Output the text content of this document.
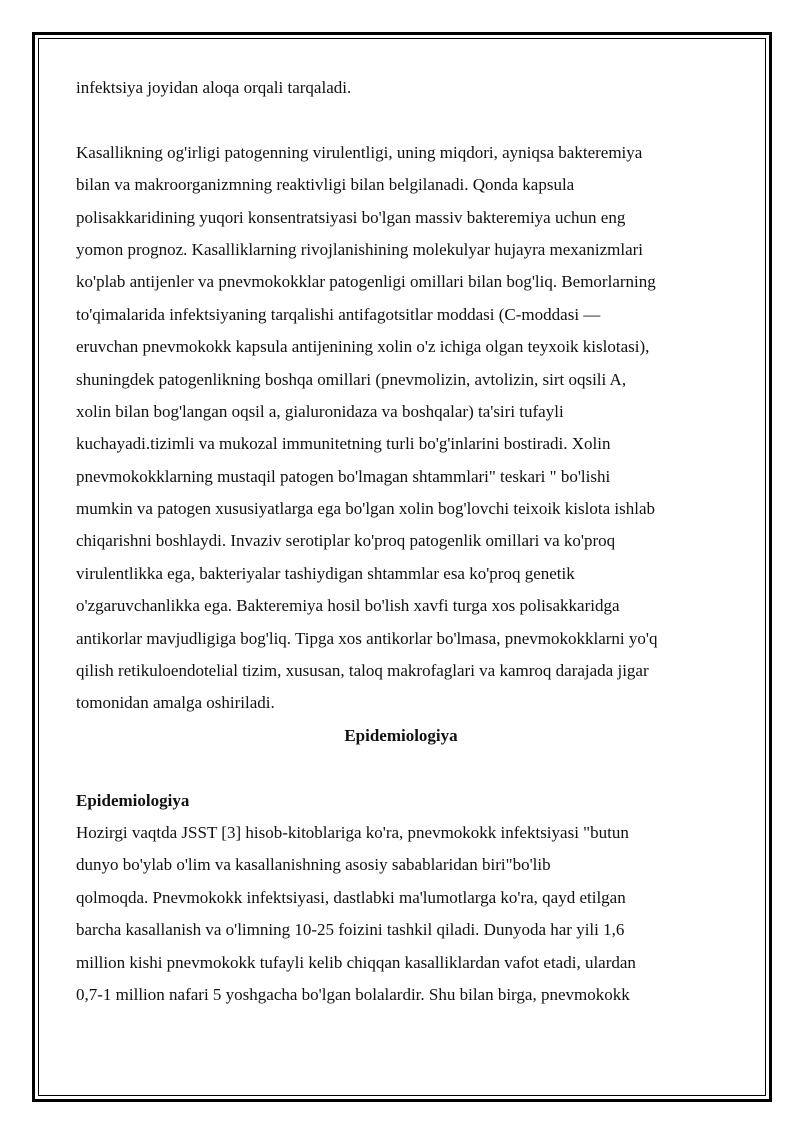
infektsiya joyidan aloqa orqali tarqaladi.
Kasallikning og'irligi patogenning virulentligi, uning miqdori, ayniqsa bakteremiya
bilan va makroorganizmning reaktivligi bilan belgilanadi. Qonda kapsula
polisakkaridining yuqori konsentratsiyasi bo'lgan massiv bakteremiya uchun eng
yomon prognoz. Kasalliklarning rivojlanishining molekulyar hujayra mexanizmlari
ko'plab antijenler va pnevmokokklar patogenligi omillari bilan bog'liq. Bemorlarning
to'qimalarida infektsiyaning tarqalishi antifagotsitlar moddasi (C-moddasi —
eruvchan pnevmokokk kapsula antijenining xolin o'z ichiga olgan teyxoik kislotasi),
shuningdek patogenlikning boshqa omillari (pnevmolizin, avtolizin, sirt oqsili A,
xolin bilan bog'langan oqsil a, gialuronidaza va boshqalar) ta'siri tufayli
kuchayadi.tizimli va mukozal immunitetning turli bo'g'inlarini bostiradi. Xolin
pnevmokokklarning mustaqil patogen bo'lmagan shtammlari" teskari " bo'lishi
mumkin va patogen xususiyatlarga ega bo'lgan xolin bog'lovchi teixoik kislota ishlab
chiqarishni boshlaydi. Invaziv serotiplar ko'proq patogenlik omillari va ko'proq
virulentlikka ega, bakteriyalar tashiydigan shtammlar esa ko'proq genetik
o'zgaruvchanlikka ega. Bakteremiya hosil bo'lish xavfi turga xos polisakkaridga
antikorlar mavjudligiga bog'liq. Tipga xos antikorlar bo'lmasa, pnevmokokklarni yo'q
qilish retikuloendotelial tizim, xususan, taloq makrofaglari va kamroq darajada jigar
tomonidan amalga oshiriladi.
Epidemiologiya
Epidemiologiya
Hozirgi vaqtda JSST [3] hisob-kitoblariga ko'ra, pnevmokokk infektsiyasi "butun
dunyo bo'ylab o'lim va kasallanishning asosiy sabablaridan biri"bo'lib
qolmoqda. Pnevmokokk infektsiyasi, dastlabki ma'lumotlarga ko'ra, qayd etilgan
barcha kasallanish va o'limning 10-25 foizini tashkil qiladi. Dunyoda har yili 1,6
million kishi pnevmokokk tufayli kelib chiqqan kasalliklardan vafot etadi, ulardan
0,7-1 million nafari 5 yoshgacha bo'lgan bolalardir. Shu bilan birga, pnevmokokk
